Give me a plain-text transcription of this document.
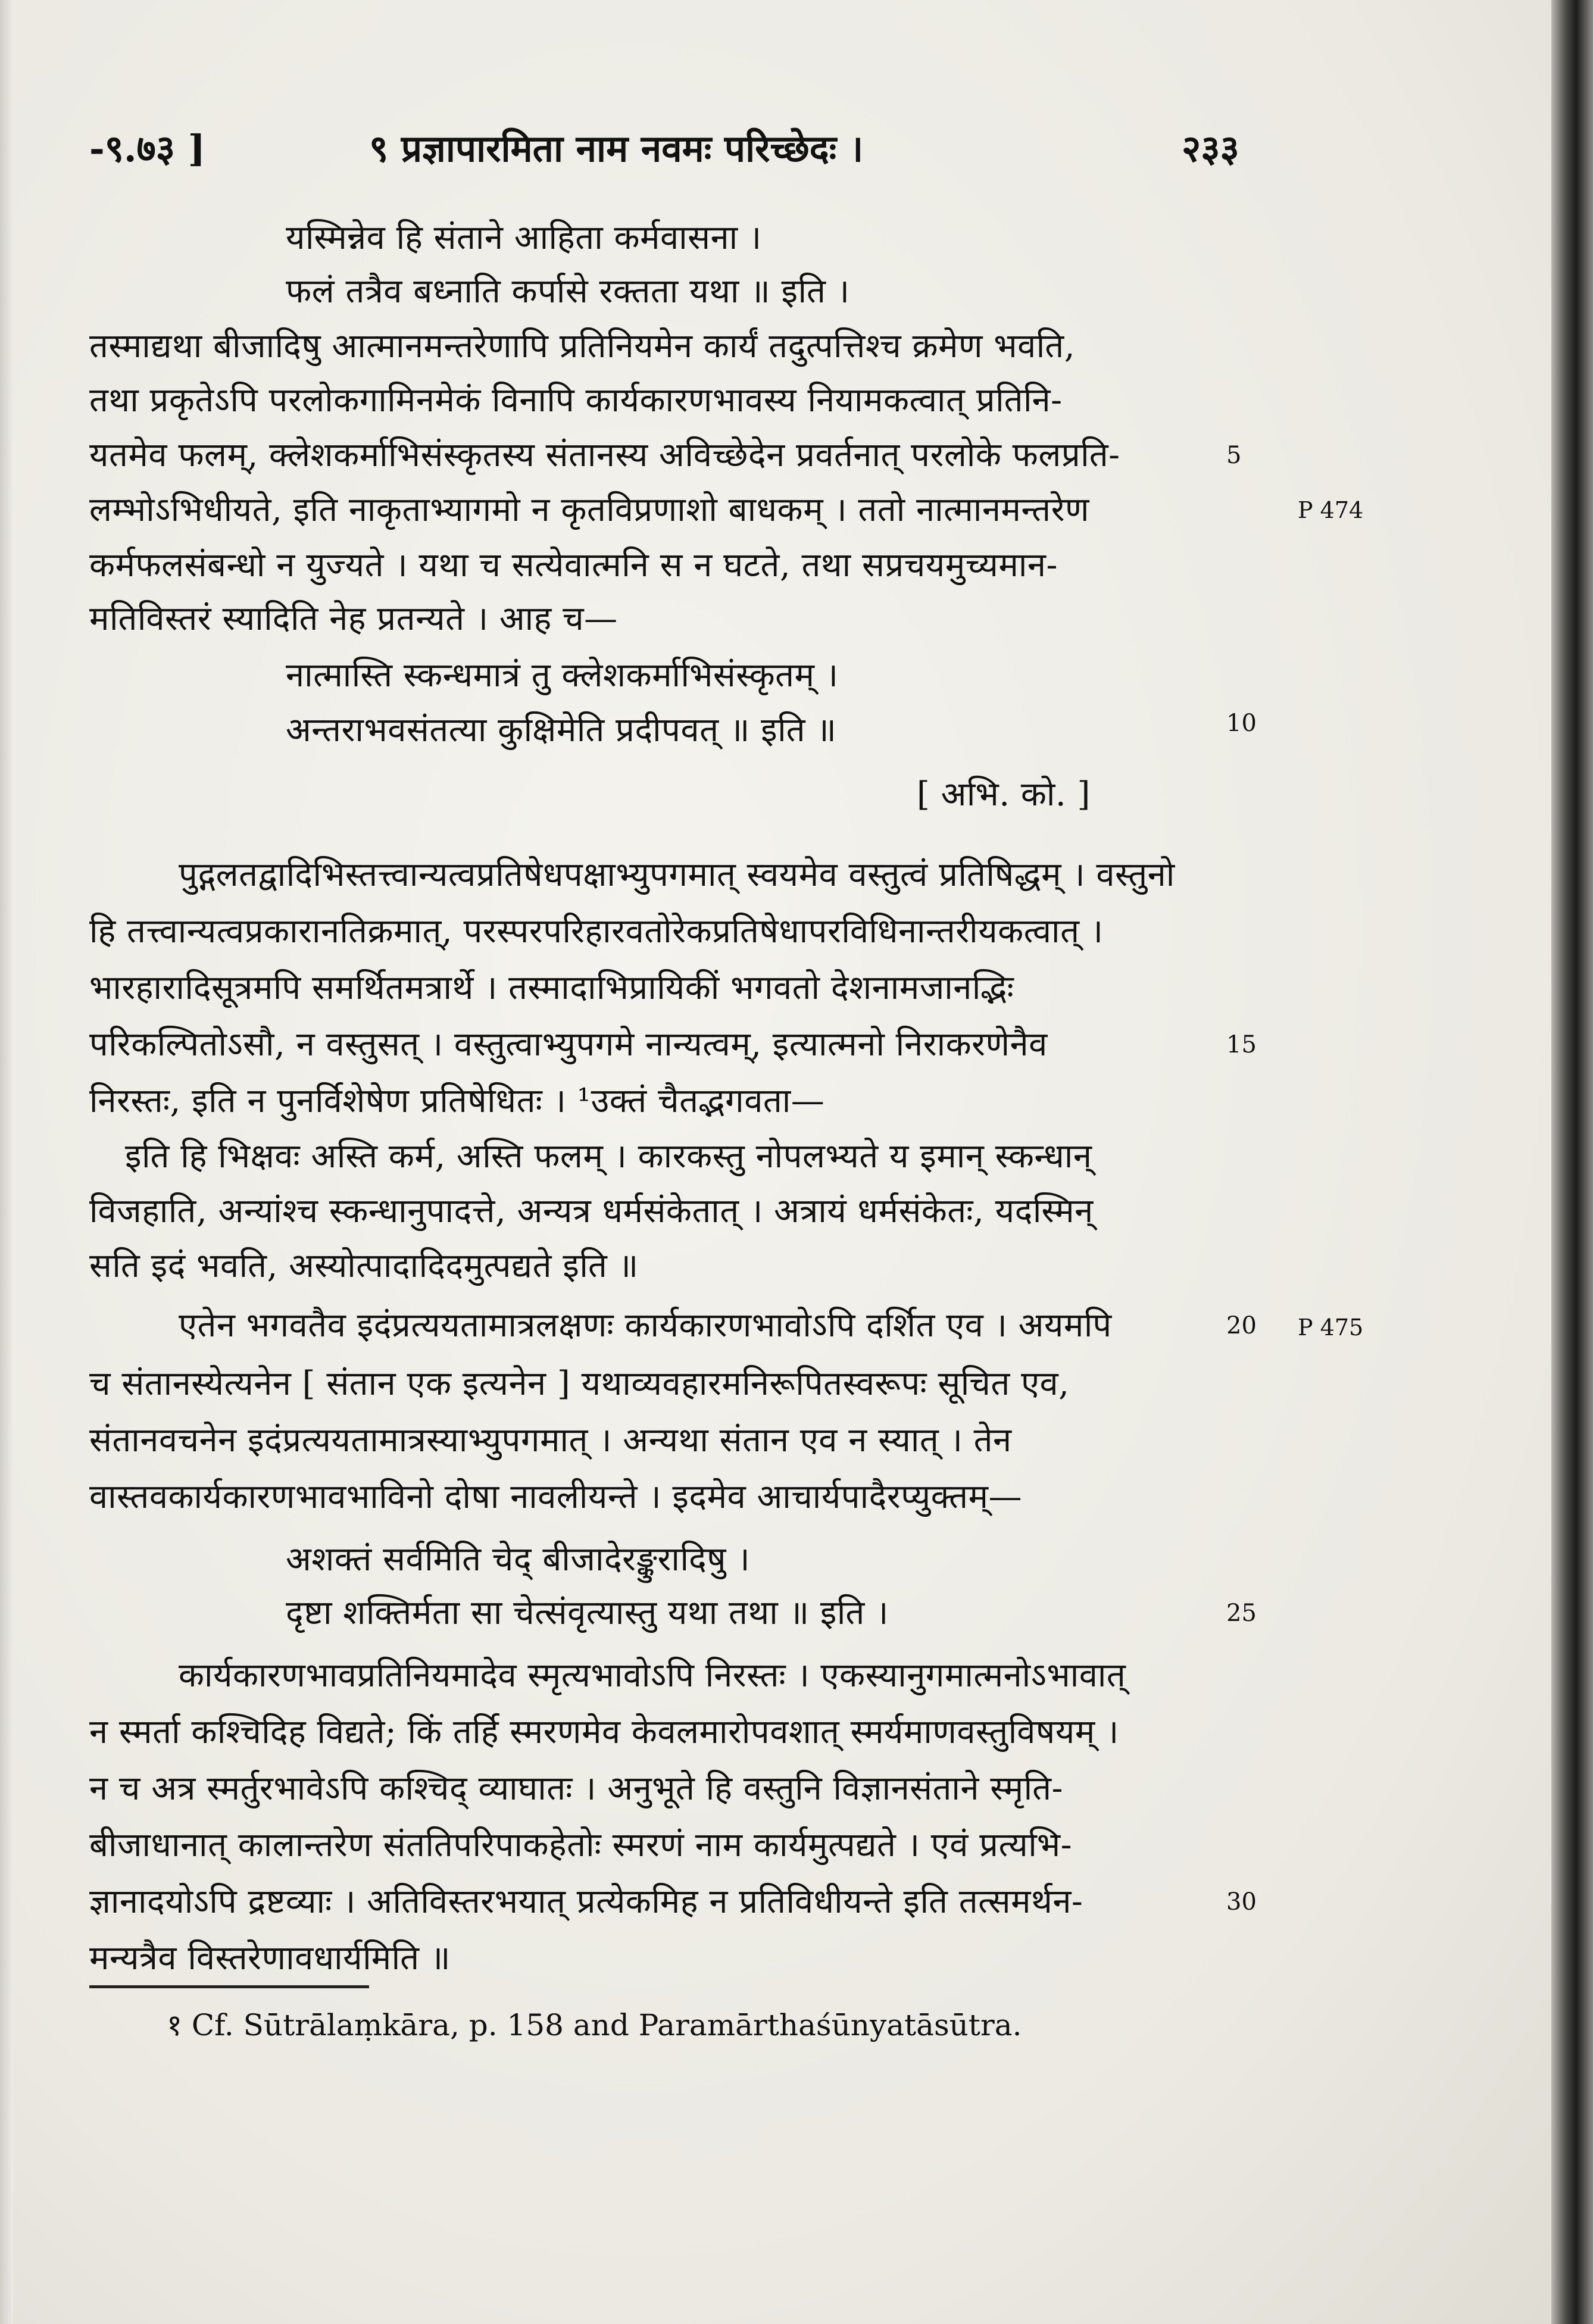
-९.७३ ]	९ प्रज्ञापारमिता नाम नवमः परिच्छेदः ।	२३३
यस्मिन्नेव हि संताने आहिता कर्मवासना ।
फलं तत्रैव बध्नाति कर्पासे रक्तता यथा ॥ इति ।
तस्माद्यथा बीजादिषु आत्मानमन्तरेणापि प्रतिनियमेन कार्यं तदुत्पत्तिश्च क्रमेण भवति,
तथा प्रकृतेऽपि परलोकगामिनमेकं विनापि कार्यकारणभावस्य नियामकत्वात् प्रतिनि-
यतमेव फलम्, क्लेशकर्माभिसंस्कृतस्य संतानस्य अविच्छेदेन प्रवर्तनात् परलोके फलप्रति-
लम्भोऽभिधीयते, इति नाकृताभ्यागमो न कृतविप्रणाशो बाधकम् । ततो नात्मानमन्तरेण
कर्मफलसंबन्धो न युज्यते । यथा च सत्येवात्मनि स न घटते, तथा सप्रचयमुच्यमान-
मतिविस्तरं स्यादिति नेह प्रतन्यते । आह च—
नात्मास्ति स्कन्धमात्रं तु क्लेशकर्माभिसंस्कृतम् ।
अन्तराभवसंतत्या कुक्षिमेति प्रदीपवत् ॥ इति ॥
[ अभि. को. ]
पुद्गलतद्वादिभिस्तत्त्वान्यत्वप्रतिषेधपक्षाभ्युपगमात् स्वयमेव वस्तुत्वं प्रतिषिद्धम् । वस्तुनो
हि तत्त्वान्यत्वप्रकारानतिक्रमात्, परस्परपरिहारवतोरेकप्रतिषेधापरविधिनान्तरीयकत्वात् ।
भारहारादिसूत्रमपि समर्थितमत्रार्थे । तस्मादाभिप्रायिकीं भगवतो देशनामजानद्भिः
परिकल्पितोऽसौ, न वस्तुसत् । वस्तुत्वाभ्युपगमे नान्यत्वम्, इत्यात्मनो निराकरणेनैव
निरस्तः, इति न पुनर्विशेषेण प्रतिषेधितः । ¹उक्तं चैतद्भगवता—
इति हि भिक्षवः अस्ति कर्म, अस्ति फलम् । कारकस्तु नोपलभ्यते य इमान् स्कन्धान्
विजहाति, अन्यांश्च स्कन्धानुपादत्ते, अन्यत्र धर्मसंकेतात् । अत्रायं धर्मसंकेतः, यदस्मिन्
सति इदं भवति, अस्योत्पादादिदमुत्पद्यते इति ॥
एतेन भगवतैव इदंप्रत्ययतामात्रलक्षणः कार्यकारणभावोऽपि दर्शित एव । अयमपि
च संतानस्येत्यनेन [ संतान एक इत्यनेन ] यथाव्यवहारमनिरूपितस्वरूपः सूचित एव,
संतानवचनेन इदंप्रत्ययतामात्रस्याभ्युपगमात् । अन्यथा संतान एव न स्यात् । तेन
वास्तवकार्यकारणभावभाविनो दोषा नावलीयन्ते । इदमेव आचार्यपादैरप्युक्तम्—
अशक्तं सर्वमिति चेद् बीजादेरङ्कुरादिषु ।
दृष्टा शक्तिर्मता सा चेत्संवृत्यास्तु यथा तथा ॥ इति ।
कार्यकारणभावप्रतिनियमादेव स्मृत्यभावोऽपि निरस्तः । एकस्यानुगमात्मनोऽभावात्
न स्मर्ता कश्चिदिह विद्यते; किं तर्हि स्मरणमेव केवलमारोपवशात् स्मर्यमाणवस्तुविषयम् ।
न च अत्र स्मर्तुरभावेऽपि कश्चिद् व्याघातः । अनुभूते हि वस्तुनि विज्ञानसंताने स्मृति-
बीजाधानात् कालान्तरेण संततिपरिपाकहेतोः स्मरणं नाम कार्यमुत्पद्यते । एवं प्रत्यभि-
ज्ञानादयोऽपि द्रष्टव्याः । अतिविस्तरभयात् प्रत्येकमिह न प्रतिविधीयन्ते इति तत्समर्थन-
मन्यत्रैव विस्तरेणावधार्यमिति ॥
5
10
15
20
25
30
P 474
P 475
१ Cf. Sūtrālaṃkāra, p. 158 and Paramārthaśūnyatāsūtra.
